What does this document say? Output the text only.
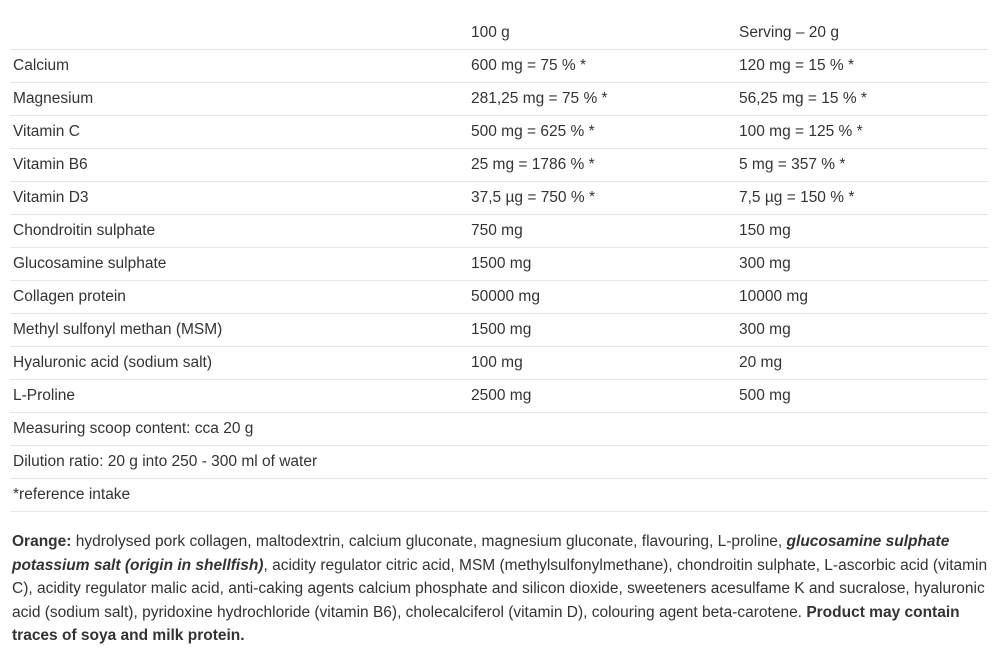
	100 g	Serving – 20 g
Calcium	600 mg = 75 % *	120 mg = 15 % *
Magnesium	281,25 mg = 75 % *	56,25 mg = 15 % *
Vitamin C	500 mg = 625 % *	100 mg = 125 % *
Vitamin B6	25 mg = 1786 % *	5 mg = 357 % *
Vitamin D3	37,5 µg = 750 % *	7,5 µg = 150 % *
Chondroitin sulphate	750 mg	150 mg
Glucosamine sulphate	1500 mg	300 mg
Collagen protein	50000 mg	10000 mg
Methyl sulfonyl methan (MSM)	1500 mg	300 mg
Hyaluronic acid (sodium salt)	100 mg	20 mg
L-Proline	2500 mg	500 mg
Measuring scoop content: cca 20 g		
Dilution ratio: 20 g into 250 - 300 ml of water		
*reference intake		
Orange: hydrolysed pork collagen, maltodextrin, calcium gluconate, magnesium gluconate, flavouring, L-proline, glucosamine sulphate potassium salt (origin in shellfish), acidity regulator citric acid, MSM (methylsulfonylmethane), chondroitin sulphate, L-ascorbic acid (vitamin C), acidity regulator malic acid, anti-caking agents calcium phosphate and silicon dioxide, sweeteners acesulfame K and sucralose, hyaluronic acid (sodium salt), pyridoxine hydrochloride (vitamin B6), cholecalciferol (vitamin D), colouring agent beta-carotene. Product may contain traces of soya and milk protein.
